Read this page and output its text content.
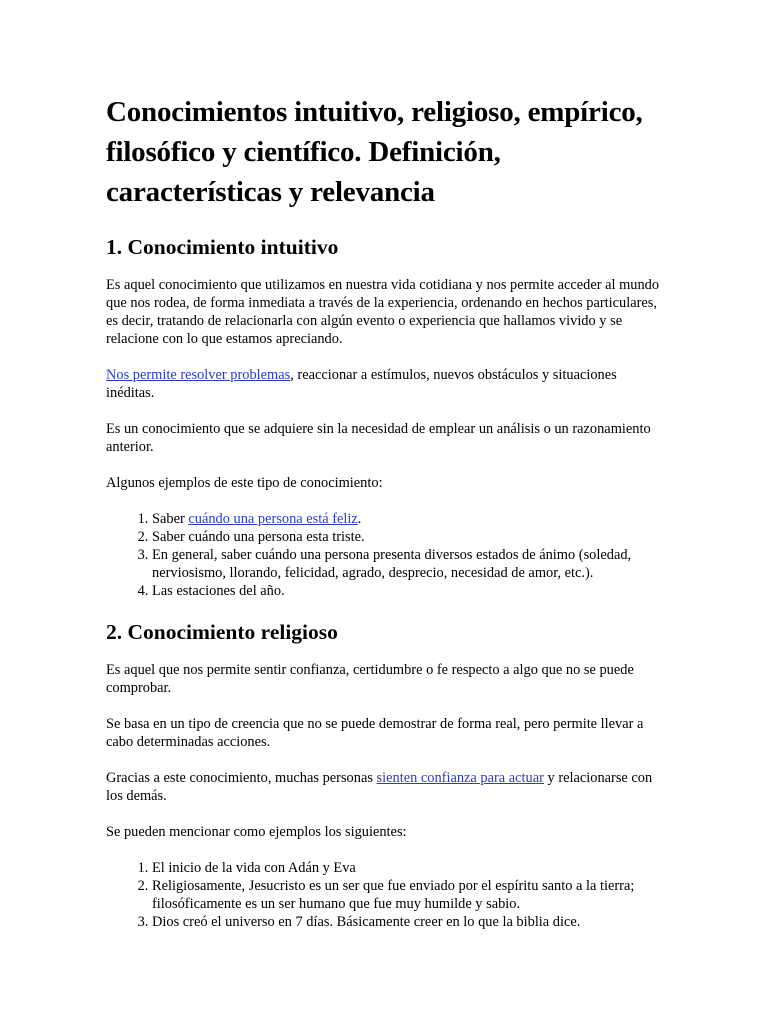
Conocimientos intuitivo, religioso, empírico, filosófico y científico. Definición, características y relevancia
1. Conocimiento intuitivo

Es aquel conocimiento que utilizamos en nuestra vida cotidiana y nos permite acceder al mundo que nos rodea, de forma inmediata a través de la experiencia, ordenando en hechos particulares, es decir, tratando de relacionarla con algún evento o experiencia que hallamos vivido y se relacione con lo que estamos apreciando.

Nos permite resolver problemas, reaccionar a estímulos, nuevos obstáculos y situaciones inéditas.

Es un conocimiento que se adquiere sin la necesidad de emplear un análisis o un razonamiento anterior.

Algunos ejemplos de este tipo de conocimiento:

1. Saber cuándo una persona está feliz.
2. Saber cuándo una persona esta triste.
3. En general, saber cuándo una persona presenta diversos estados de ánimo (soledad, nerviosismo, llorando, felicidad, agrado, desprecio, necesidad de amor, etc.).
4. Las estaciones del año.
2. Conocimiento religioso

Es aquel que nos permite sentir confianza, certidumbre o fe respecto a algo que no se puede comprobar.

Se basa en un tipo de creencia que no se puede demostrar de forma real, pero permite llevar a cabo determinadas acciones.

Gracias a este conocimiento, muchas personas sienten confianza para actuar y relacionarse con los demás.

Se pueden mencionar como ejemplos los siguientes:

1. El inicio de la vida con Adán y Eva
2. Religiosamente, Jesucristo es un ser que fue enviado por el espíritu santo a la tierra; filosóficamente es un ser humano que fue muy humilde y sabio.
3. Dios creó el universo en 7 días. Básicamente creer en lo que la biblia dice.
